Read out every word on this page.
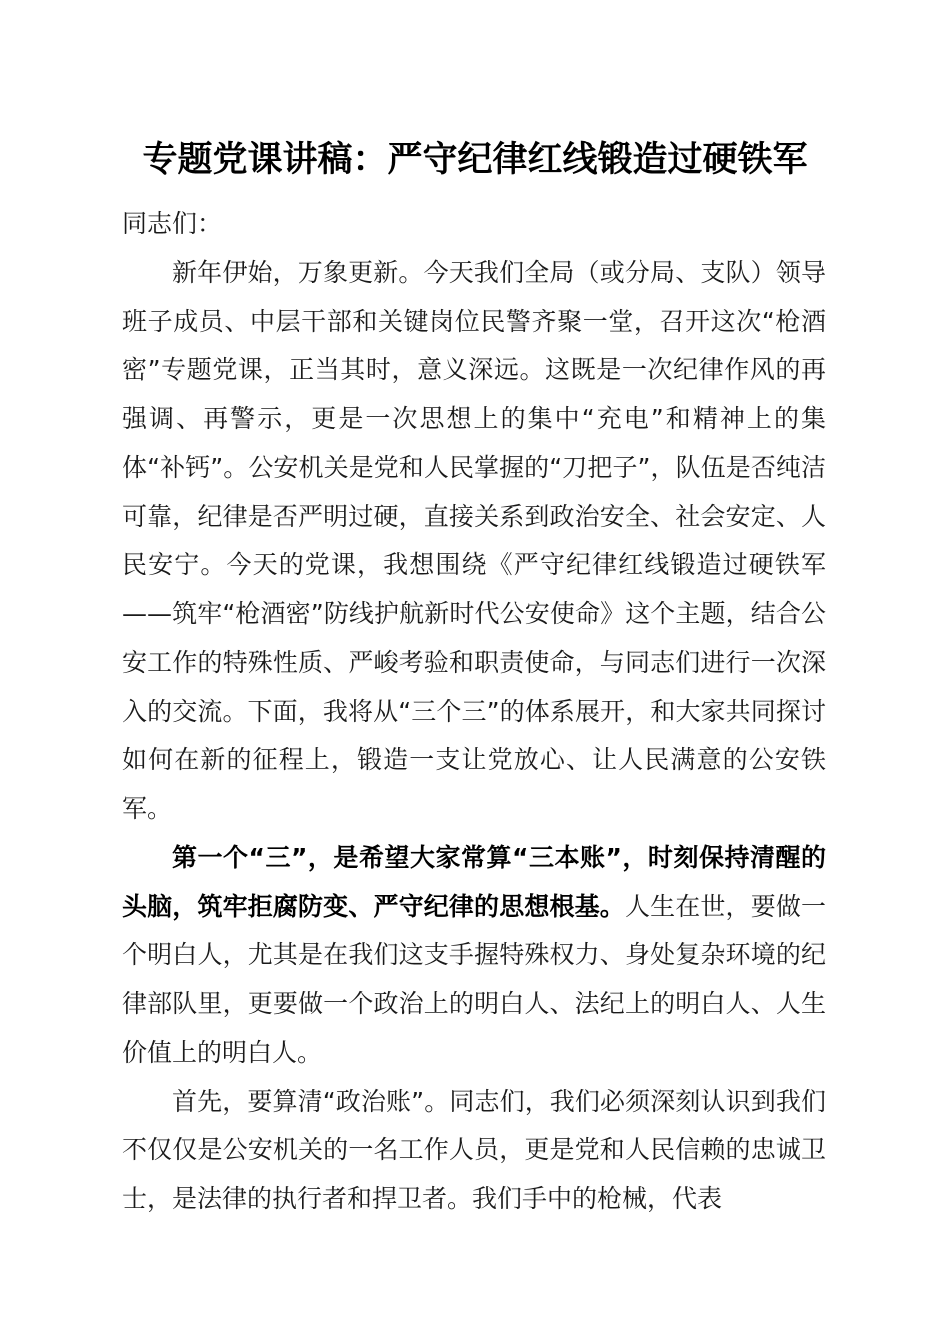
专题党课讲稿：严守纪律红线锻造过硬铁军

同志们：

新年伊始，万象更新。今天我们全局（或分局、支队）领导班子成员、中层干部和关键岗位民警齐聚一堂，召开这次“枪酒密”专题党课，正当其时，意义深远。这既是一次纪律作风的再强调、再警示，更是一次思想上的集中“充电”和精神上的集体“补钙”。公安机关是党和人民掌握的“刀把子”，队伍是否纯洁可靠，纪律是否严明过硬，直接关系到政治安全、社会安定、人民安宁。今天的党课，我想围绕《严守纪律红线锻造过硬铁军——筑牢“枪酒密”防线护航新时代公安使命》这个主题，结合公安工作的特殊性质、严峻考验和职责使命，与同志们进行一次深入的交流。下面，我将从“三个三”的体系展开，和大家共同探讨如何在新的征程上，锻造一支让党放心、让人民满意的公安铁军。

第一个“三”，是希望大家常算“三本账”，时刻保持清醒的头脑，筑牢拒腐防变、严守纪律的思想根基。人生在世，要做一个明白人，尤其是在我们这支手握特殊权力、身处复杂环境的纪律部队里，更要做一个政治上的明白人、法纪上的明白人、人生价值上的明白人。

首先，要算清“政治账”。同志们，我们必须深刻认识到我们不仅仅是公安机关的一名工作人员，更是党和人民信赖的忠诚卫士，是法律的执行者和捍卫者。我们手中的枪械，代表
